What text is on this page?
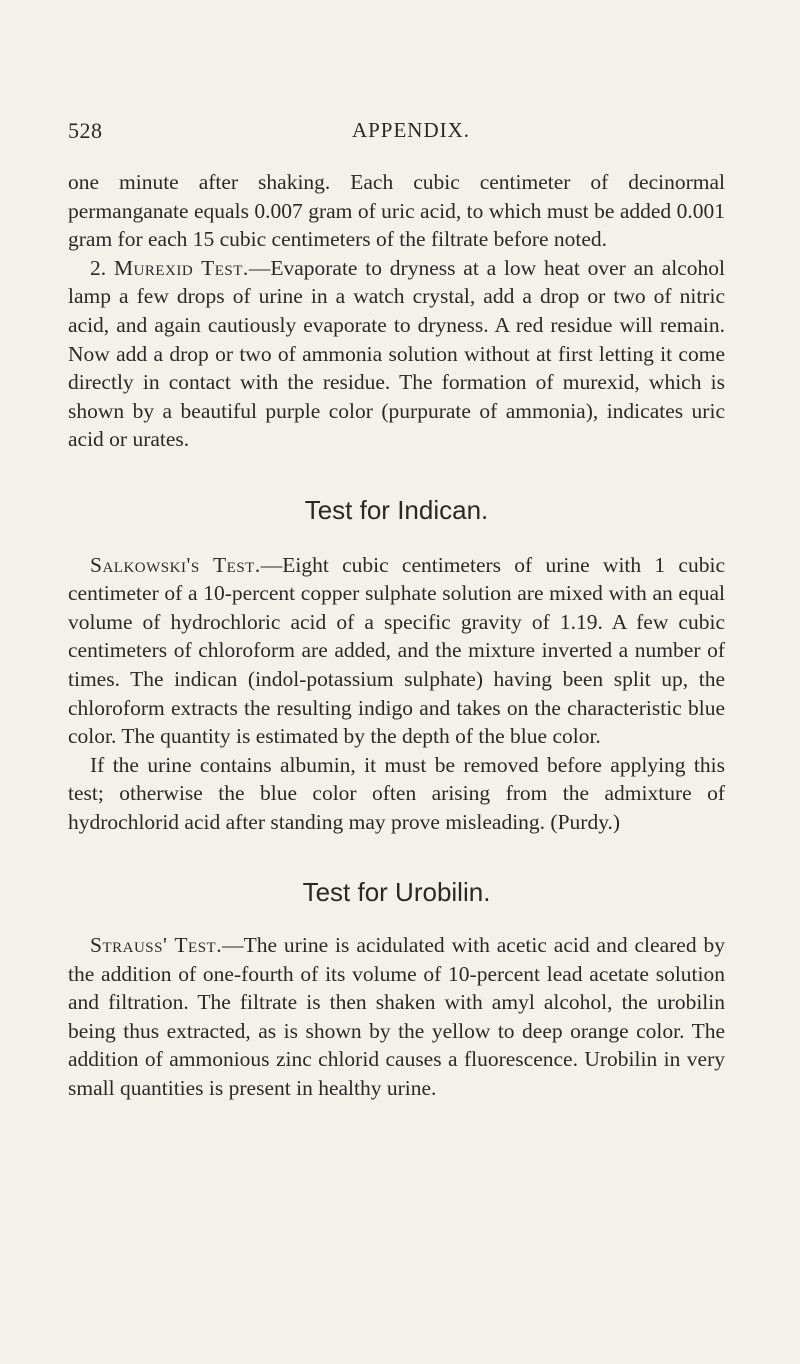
528	APPENDIX.

one minute after shaking. Each cubic centimeter of decinormal permanganate equals 0.007 gram of uric acid, to which must be added 0.001 gram for each 15 cubic centimeters of the filtrate before noted.

2. Murexid Test.—Evaporate to dryness at a low heat over an alcohol lamp a few drops of urine in a watch crystal, add a drop or two of nitric acid, and again cautiously evaporate to dryness. A red residue will remain. Now add a drop or two of ammonia solution without at first letting it come directly in contact with the residue. The formation of murexid, which is shown by a beautiful purple color (purpurate of ammonia), indicates uric acid or urates.

Test for Indican.

Salkowski's Test.—Eight cubic centimeters of urine with 1 cubic centimeter of a 10-percent copper sulphate solution are mixed with an equal volume of hydrochloric acid of a specific gravity of 1.19. A few cubic centimeters of chloroform are added, and the mixture inverted a number of times. The indican (indol-potassium sulphate) having been split up, the chloroform extracts the resulting indigo and takes on the characteristic blue color. The quantity is estimated by the depth of the blue color.

If the urine contains albumin, it must be removed before applying this test; otherwise the blue color often arising from the admixture of hydrochlorid acid after standing may prove misleading. (Purdy.)

Test for Urobilin.

Strauss' Test.—The urine is acidulated with acetic acid and cleared by the addition of one-fourth of its volume of 10-percent lead acetate solution and filtration. The filtrate is then shaken with amyl alcohol, the urobilin being thus extracted, as is shown by the yellow to deep orange color. The addition of ammonious zinc chlorid causes a fluorescence. Urobilin in very small quantities is present in healthy urine.
